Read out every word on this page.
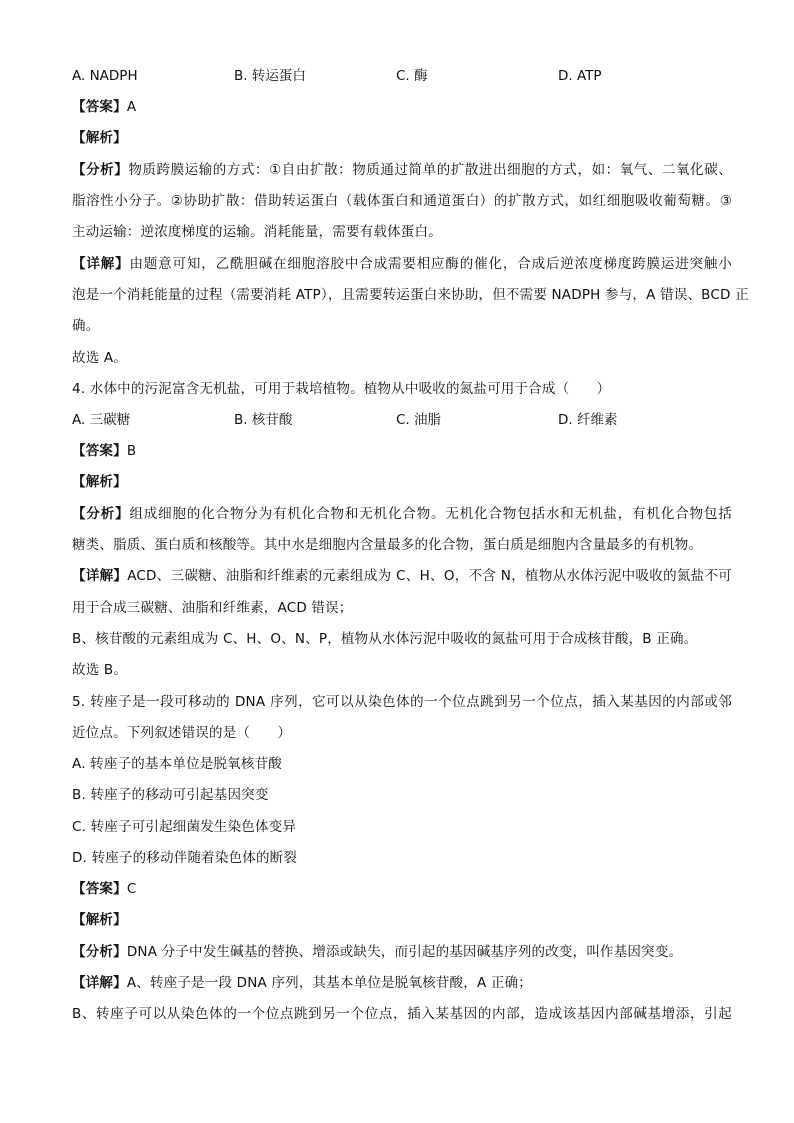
A. NADPH	B. 转运蛋白	C. 酶	D. ATP
【答案】A
【解析】
【分析】物质跨膜运输的方式：①自由扩散：物质通过简单的扩散进出细胞的方式，如：氧气、二氧化碳、
脂溶性小分子。②协助扩散：借助转运蛋白（载体蛋白和通道蛋白）的扩散方式，如红细胞吸收葡萄糖。③
主动运输：逆浓度梯度的运输。消耗能量，需要有载体蛋白。
【详解】由题意可知，乙酰胆碱在细胞溶胶中合成需要相应酶的催化，合成后逆浓度梯度跨膜运进突触小
泡是一个消耗能量的过程（需要消耗 ATP），且需要转运蛋白来协助，但不需要 NADPH 参与，A 错误、BCD 正
确。
故选 A。
4. 水体中的污泥富含无机盐，可用于栽培植物。植物从中吸收的氮盐可用于合成（　　）
A. 三碳糖	B. 核苷酸	C. 油脂	D. 纤维素
【答案】B
【解析】
【分析】组成细胞的化合物分为有机化合物和无机化合物。无机化合物包括水和无机盐，有机化合物包括
糖类、脂质、蛋白质和核酸等。其中水是细胞内含量最多的化合物，蛋白质是细胞内含量最多的有机物。
【详解】ACD、三碳糖、油脂和纤维素的元素组成为 C、H、O，不含 N，植物从水体污泥中吸收的氮盐不可
用于合成三碳糖、油脂和纤维素，ACD 错误；
B、核苷酸的元素组成为 C、H、O、N、P，植物从水体污泥中吸收的氮盐可用于合成核苷酸，B 正确。
故选 B。
5. 转座子是一段可移动的 DNA 序列，它可以从染色体的一个位点跳到另一个位点，插入某基因的内部或邻
近位点。下列叙述错误的是（　　）
A. 转座子的基本单位是脱氧核苷酸
B. 转座子的移动可引起基因突变
C. 转座子可引起细菌发生染色体变异
D. 转座子的移动伴随着染色体的断裂
【答案】C
【解析】
【分析】DNA 分子中发生碱基的替换、增添或缺失，而引起的基因碱基序列的改变，叫作基因突变。
【详解】A、转座子是一段 DNA 序列，其基本单位是脱氧核苷酸，A 正确；
B、转座子可以从染色体的一个位点跳到另一个位点，插入某基因的内部，造成该基因内部碱基增添，引起
